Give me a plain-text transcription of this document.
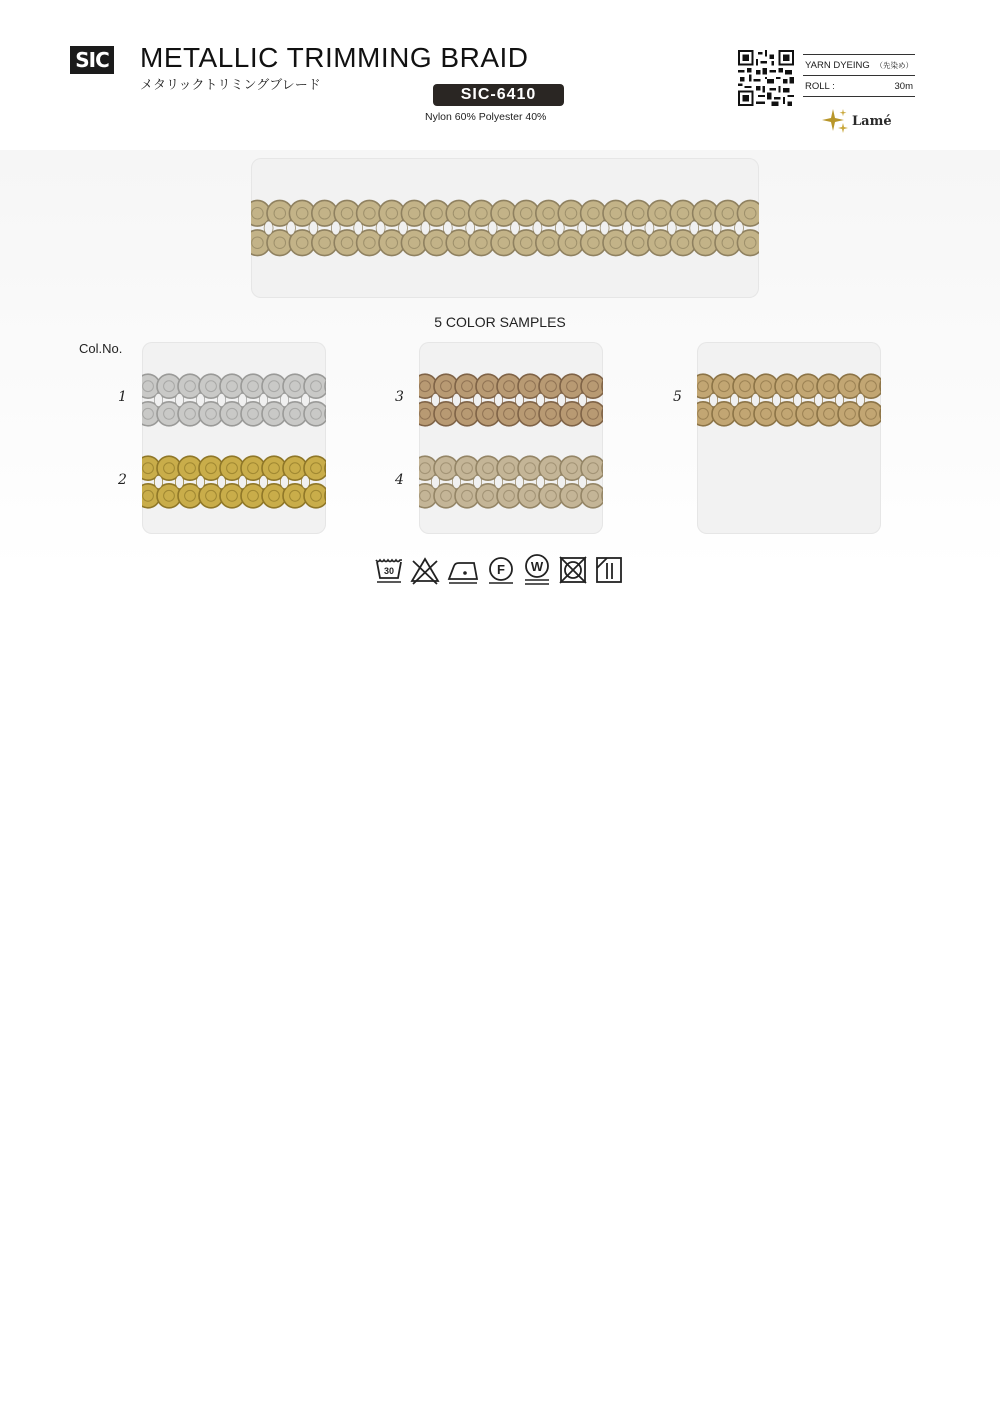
SIC METALLIC TRIMMING BRAID
メタリックトリミングブレード
SIC-6410
Nylon 60% Polyester 40%
YARN DYEING （先染め）
ROLL :	30m
Lamé
5 COLOR SAMPLES
Col.No.
1
2
3
4
5
30	F W
